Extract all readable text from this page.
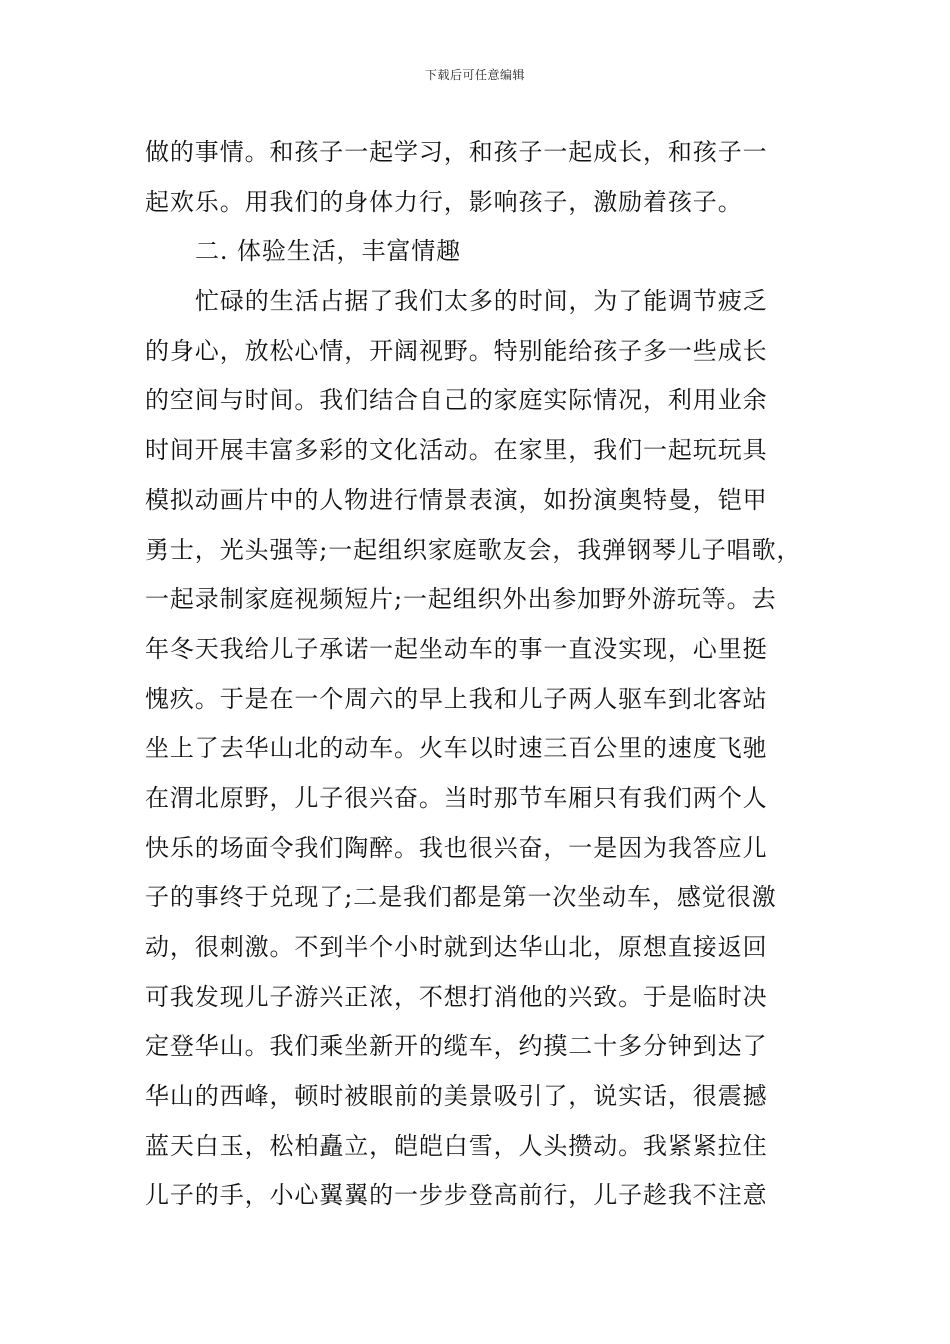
下载后可任意编辑
做的事情。和孩子一起学习，和孩子一起成长，和孩子一
起欢乐。用我们的身体力行，影响孩子，激励着孩子。
二. 体验生活，丰富情趣
忙碌的生活占据了我们太多的时间，为了能调节疲乏
的身心，放松心情，开阔视野。特别能给孩子多一些成长
的空间与时间。我们结合自己的家庭实际情况，利用业余
时间开展丰富多彩的文化活动。在家里，我们一起玩玩具
模拟动画片中的人物进行情景表演，如扮演奥特曼，铠甲
勇士，光头强等;一起组织家庭歌友会，我弹钢琴儿子唱歌，
一起录制家庭视频短片;一起组织外出参加野外游玩等。去
年冬天我给儿子承诺一起坐动车的事一直没实现，心里挺
愧疚。于是在一个周六的早上我和儿子两人驱车到北客站
坐上了去华山北的动车。火车以时速三百公里的速度飞驰
在渭北原野，儿子很兴奋。当时那节车厢只有我们两个人
快乐的场面令我们陶醉。我也很兴奋，一是因为我答应儿
子的事终于兑现了;二是我们都是第一次坐动车，感觉很激
动，很刺激。不到半个小时就到达华山北，原想直接返回
可我发现儿子游兴正浓，不想打消他的兴致。于是临时决
定登华山。我们乘坐新开的缆车，约摸二十多分钟到达了
华山的西峰，顿时被眼前的美景吸引了，说实话，很震撼
蓝天白玉，松柏矗立，皑皑白雪，人头攒动。我紧紧拉住
儿子的手，小心翼翼的一步步登高前行，儿子趁我不注意
